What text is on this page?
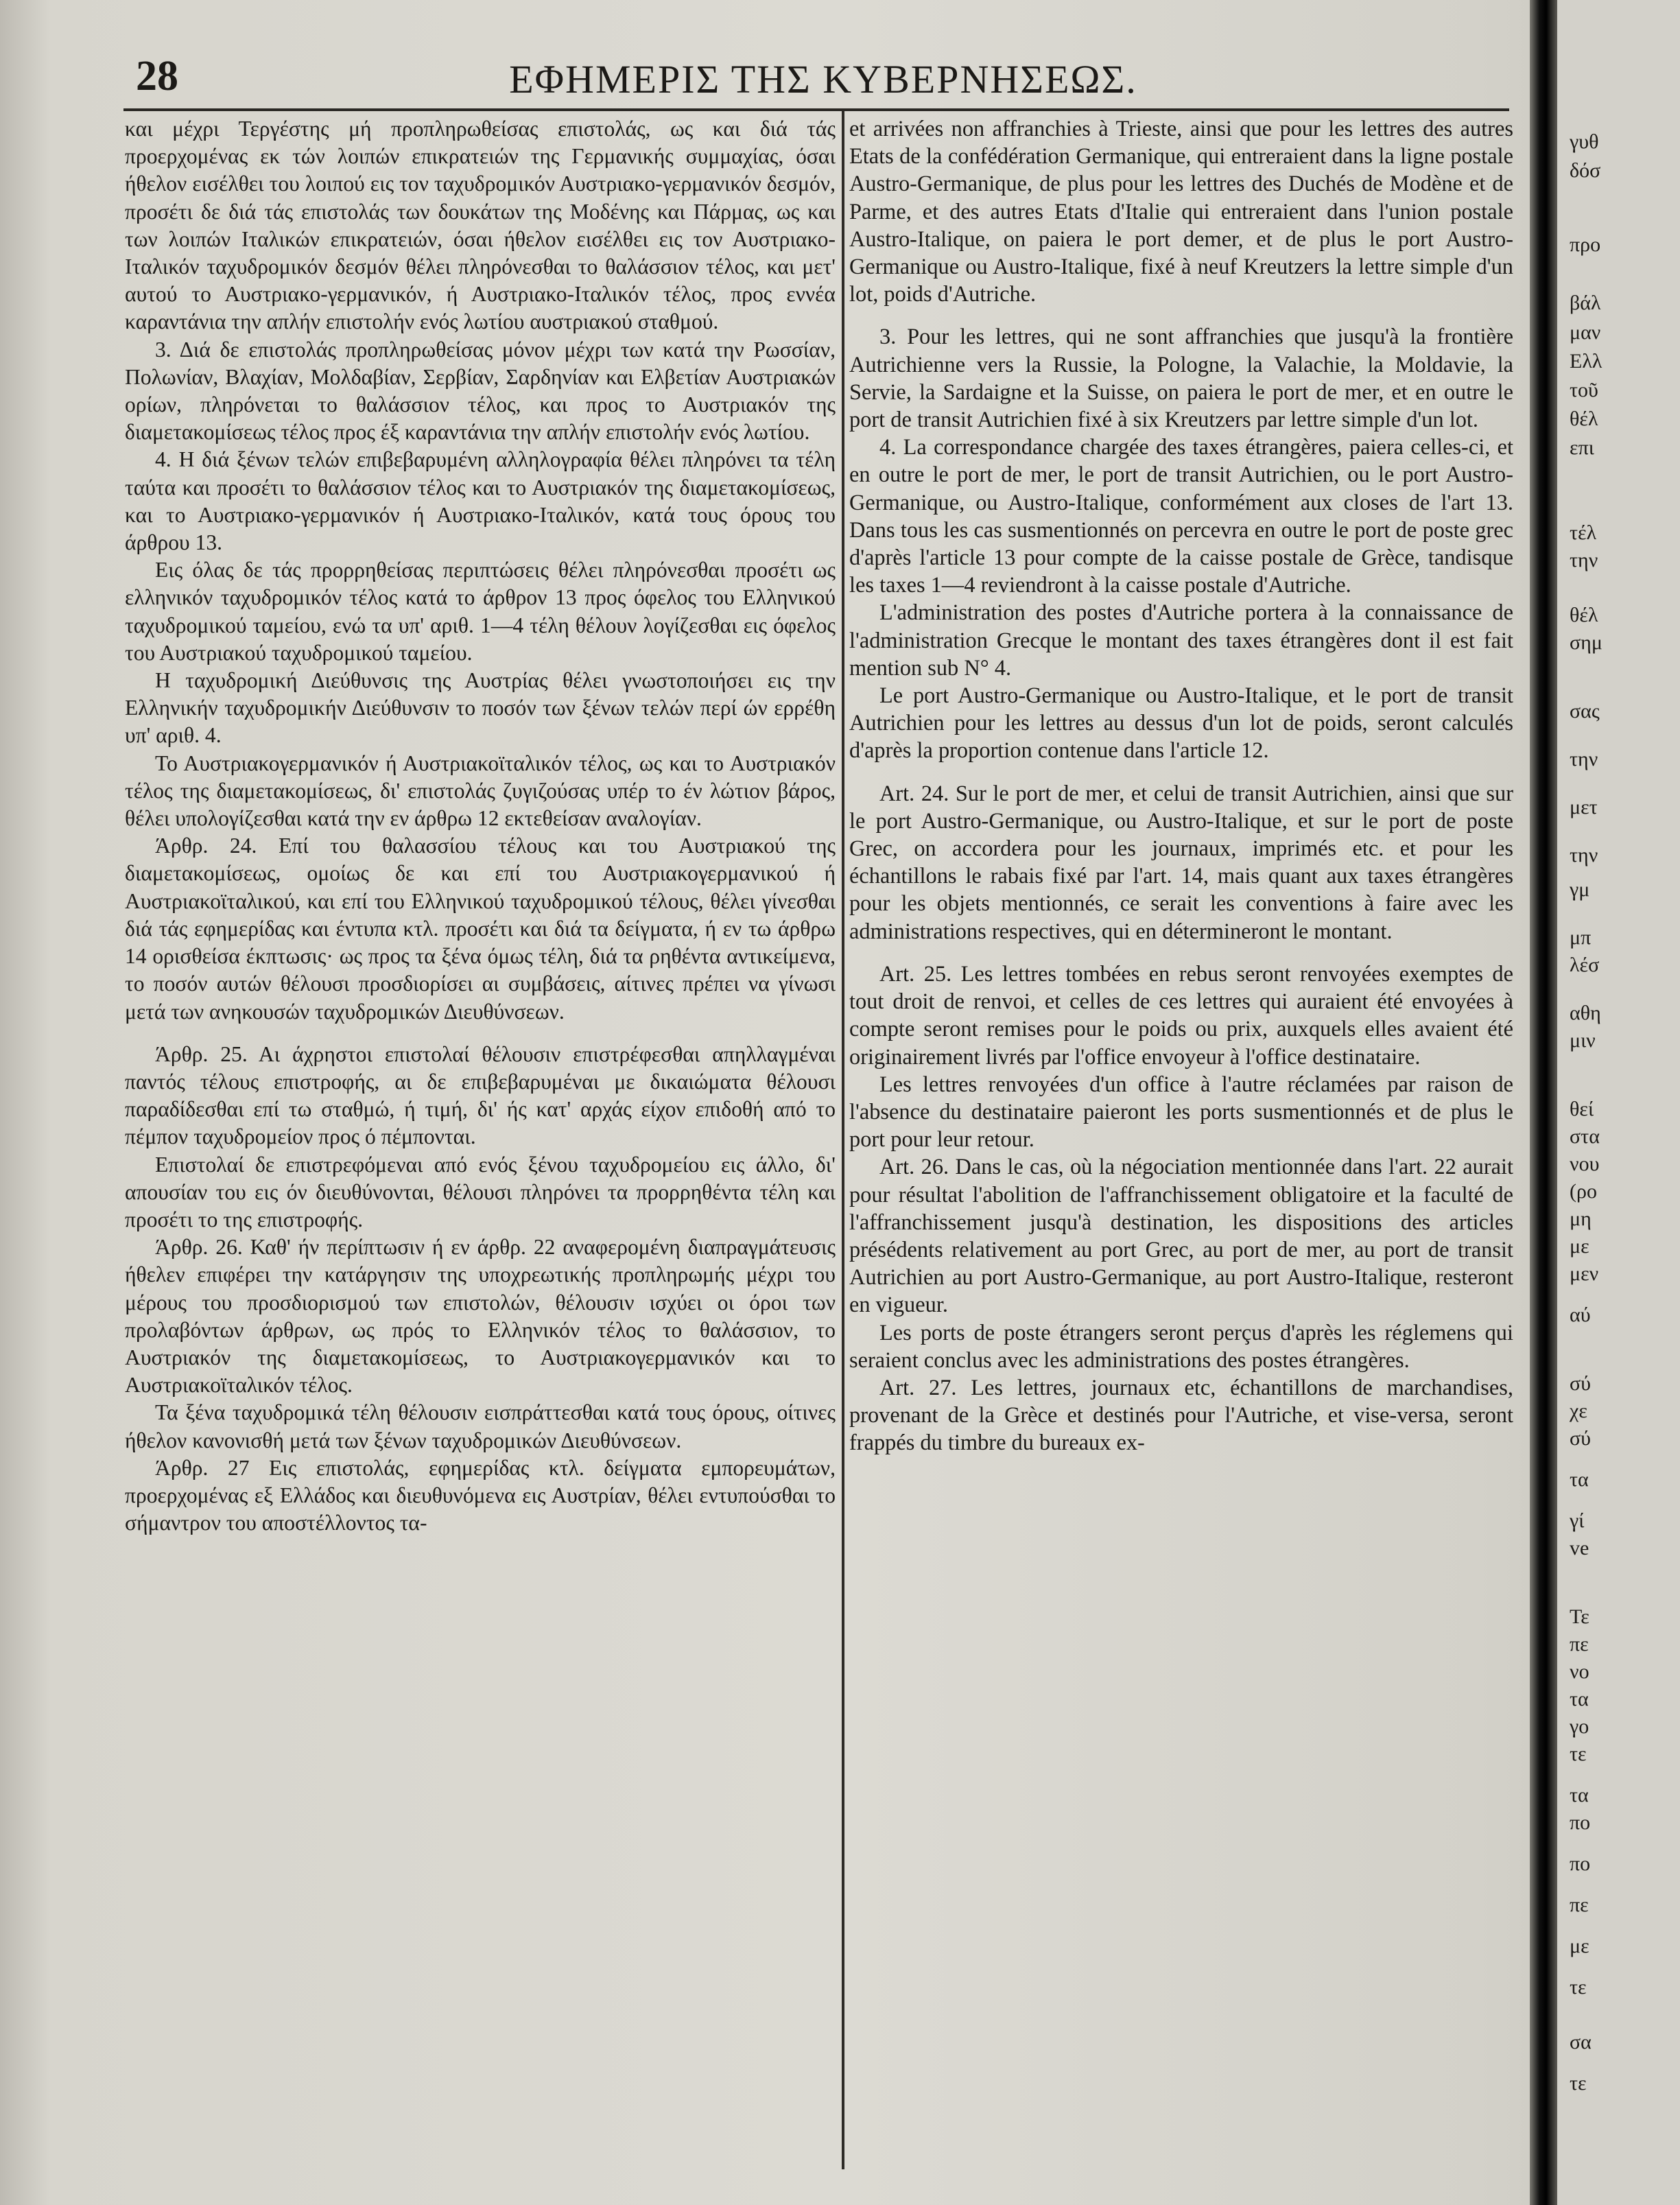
28	ΕΦΗΜΕΡΙΣ ΤΗΣ ΚΥΒΕΡΝΗΣΕΩΣ.

και μέχρι Τεργέστης μή προπληρωθείσας επιστολάς, ως και διά τάς προερχομένας εκ τών λοιπών επικρατειών της Γερμανικής συμμαχίας, όσαι ήθελον εισέλθει του λοιπού εις τον ταχυδρομικόν Αυστριακο-γερμανικόν δεσμόν, προσέτι δε διά τάς επιστολάς των δουκάτων της Μοδένης και Πάρμας, ως και των λοιπών Ιταλικών επικρατειών, όσαι ήθελον εισέλθει εις τον Αυστριακο-Ιταλικόν ταχυδρομικόν δεσμόν θέλει πληρόνεσθαι το θαλάσσιον τέλος, και μετ' αυτού το Αυστριακο-γερμανικόν, ή Αυστριακο-Ιταλικόν τέλος, προς εννέα καραντάνια την απλήν επιστολήν ενός λωτίου αυστριακού σταθμού.

3. Διά δε επιστολάς προπληρωθείσας μόνον μέχρι των κατά την Ρωσσίαν, Πολωνίαν, Βλαχίαν, Μολδαβίαν, Σερβίαν, Σαρδηνίαν και Ελβετίαν Αυστριακών ορίων, πληρόνεται το θαλάσσιον τέλος, και προς το Αυστριακόν της διαμετακομίσεως τέλος προς έξ καραντάνια την απλήν επιστολήν ενός λωτίου.

4. Η διά ξένων τελών επιβεβαρυμένη αλληλογραφία θέλει πληρόνει τα τέλη ταύτα και προσέτι το θαλάσσιον τέλος και το Αυστριακόν της διαμετακομίσεως, και το Αυστριακο-γερμανικόν ή Αυστριακο-Ιταλικόν, κατά τους όρους του άρθρου 13.

Εις όλας δε τάς προρρηθείσας περιπτώσεις θέλει πληρόνεσθαι προσέτι ως ελληνικόν ταχυδρομικόν τέλος κατά το άρθρον 13 προς όφελος του Ελληνικού ταχυδρομικού ταμείου, ενώ τα υπ' αριθ. 1—4 τέλη θέλουν λογίζεσθαι εις όφελος του Αυστριακού ταχυδρομικού ταμείου.

Η ταχυδρομική Διεύθυνσις της Αυστρίας θέλει γνωστοποιήσει εις την Ελληνικήν ταχυδρομικήν Διεύθυνσιν το ποσόν των ξένων τελών περί ών ερρέθη υπ' αριθ. 4.

Το Αυστριακογερμανικόν ή Αυστριακοϊταλικόν τέλος, ως και το Αυστριακόν τέλος της διαμετακομίσεως, δι' επιστολάς ζυγιζούσας υπέρ το έν λώτιον βάρος, θέλει υπολογίζεσθαι κατά την εν άρθρω 12 εκτεθείσαν αναλογίαν.

Άρθρ. 24. Επί του θαλασσίου τέλους και του Αυστριακού της διαμετακομίσεως, ομοίως δε και επί του Αυστριακογερμανικού ή Αυστριακοϊταλικού, και επί του Ελληνικού ταχυδρομικού τέλους, θέλει γίνεσθαι διά τάς εφημερίδας και έντυπα κτλ. προσέτι και διά τα δείγματα, ή εν τω άρθρω 14 ορισθείσα έκπτωσις· ως προς τα ξένα όμως τέλη, διά τα ρηθέντα αντικείμενα, το ποσόν αυτών θέλουσι προσδιορίσει αι συμβάσεις, αίτινες πρέπει να γίνωσι μετά των ανηκουσών ταχυδρομικών Διευθύνσεων.

Άρθρ. 25. Αι άχρηστοι επιστολαί θέλουσιν επιστρέφεσθαι απηλλαγμέναι παντός τέλους επιστροφής, αι δε επιβεβαρυμέναι με δικαιώματα θέλουσι παραδίδεσθαι επί τω σταθμώ, ή τιμή, δι' ής κατ' αρχάς είχον επιδοθή από το πέμπον ταχυδρομείον προς ό πέμπονται.

Επιστολαί δε επιστρεφόμεναι από ενός ξένου ταχυδρομείου εις άλλο, δι' απουσίαν του εις όν διευθύνονται, θέλουσι πληρόνει τα προρρηθέντα τέλη και προσέτι το της επιστροφής.

Άρθρ. 26. Καθ' ήν περίπτωσιν ή εν άρθρ. 22 αναφερομένη διαπραγμάτευσις ήθελεν επιφέρει την κατάργησιν της υποχρεωτικής προπληρωμής μέχρι του μέρους του προσδιορισμού των επιστολών, θέλουσιν ισχύει οι όροι των προλαβόντων άρθρων, ως πρός το Ελληνικόν τέλος το θαλάσσιον, το Αυστριακόν της διαμετακομίσεως, το Αυστριακογερμανικόν και το Αυστριακοϊταλικόν τέλος.

Τα ξένα ταχυδρομικά τέλη θέλουσιν εισπράττεσθαι κατά τους όρους, οίτινες ήθελον κανονισθή μετά των ξένων ταχυδρομικών Διευθύνσεων.

Άρθρ. 27 Εις επιστολάς, εφημερίδας κτλ. δείγματα εμπορευμάτων, προερχομένας εξ Ελλάδος και διευθυνόμενα εις Αυστρίαν, θέλει εντυπούσθαι το σήμαντρον του αποστέλλοντος τα-

et arrivées non affranchies à Trieste, ainsi que pour les lettres des autres Etats de la confédération Germanique, qui entreraient dans la ligne postale Austro-Germanique, de plus pour les lettres des Duchés de Modène et de Parme, et des autres Etats d'Italie qui entreraient dans l'union postale Austro-Italique, on paiera le port demer, et de plus le port Austro-Germanique ou Austro-Italique, fixé à neuf Kreutzers la lettre simple d'un lot, poids d'Autriche.

3. Pour les lettres, qui ne sont affranchies que jusqu'à la frontière Autrichienne vers la Russie, la Pologne, la Valachie, la Moldavie, la Servie, la Sardaigne et la Suisse, on paiera le port de mer, et en outre le port de transit Autrichien fixé à six Kreutzers par lettre simple d'un lot.

4. La correspondance chargée des taxes étrangères, paiera celles-ci, et en outre le port de mer, le port de transit Autrichien, ou le port Austro-Germanique, ou Austro-Italique, conformément aux closes de l'art 13. Dans tous les cas susmentionnés on percevra en outre le port de poste grec d'après l'article 13 pour compte de la caisse postale de Grèce, tandisque les taxes 1—4 reviendront à la caisse postale d'Autriche.

L'administration des postes d'Autriche portera à la connaissance de l'administration Grecque le montant des taxes étrangères dont il est fait mention sub N° 4.

Le port Austro-Germanique ou Austro-Italique, et le port de transit Autrichien pour les lettres au dessus d'un lot de poids, seront calculés d'après la proportion contenue dans l'article 12.

Art. 24. Sur le port de mer, et celui de transit Autrichien, ainsi que sur le port Austro-Germanique, ou Austro-Italique, et sur le port de poste Grec, on accordera pour les journaux, imprimés etc. et pour les échantillons le rabais fixé par l'art. 14, mais quant aux taxes étrangères pour les objets mentionnés, ce serait les conventions à faire avec les administrations respectives, qui en détermineront le montant.

Art. 25. Les lettres tombées en rebus seront renvoyées exemptes de tout droit de renvoi, et celles de ces lettres qui auraient été envoyées à compte seront remises pour le poids ou prix, auxquels elles avaient été originairement livrés par l'office envoyeur à l'office destinataire.

Les lettres renvoyées d'un office à l'autre réclamées par raison de l'absence du destinataire paieront les ports susmentionnés et de plus le port pour leur retour.

Art. 26. Dans le cas, où la négociation mentionnée dans l'art. 22 aurait pour résultat l'abolition de l'affranchissement obligatoire et la faculté de l'affranchissement jusqu'à destination, les dispositions des articles présédents relativement au port Grec, au port de mer, au port de transit Autrichien au port Austro-Germanique, au port Austro-Italique, resteront en vigueur.

Les ports de poste étrangers seront perçus d'après les réglemens qui seraient conclus avec les administrations des postes étrangères.

Art. 27. Les lettres, journaux etc, échantillons de marchandises, provenant de la Grèce et destinés pour l'Autriche, et vise-versa, seront frappés du timbre du bureaux ex-

γυθ
δόσ
προ
βάλ
μαν
Ελλ
τοῦ
θέλ
επι
τέλ
την
θέλ
σημ
σας
την
μετ
την
γμ
μπ
λέσ
αθη
μιν
θεί
στα
νου
(ρο
μη
με
μεν
αύ
σύ
χε
σύ
τα
γί
ve
Τε
πε
νο
τα
γο
τε
τα
πο
πο
πε
με
τε
σα
τε
